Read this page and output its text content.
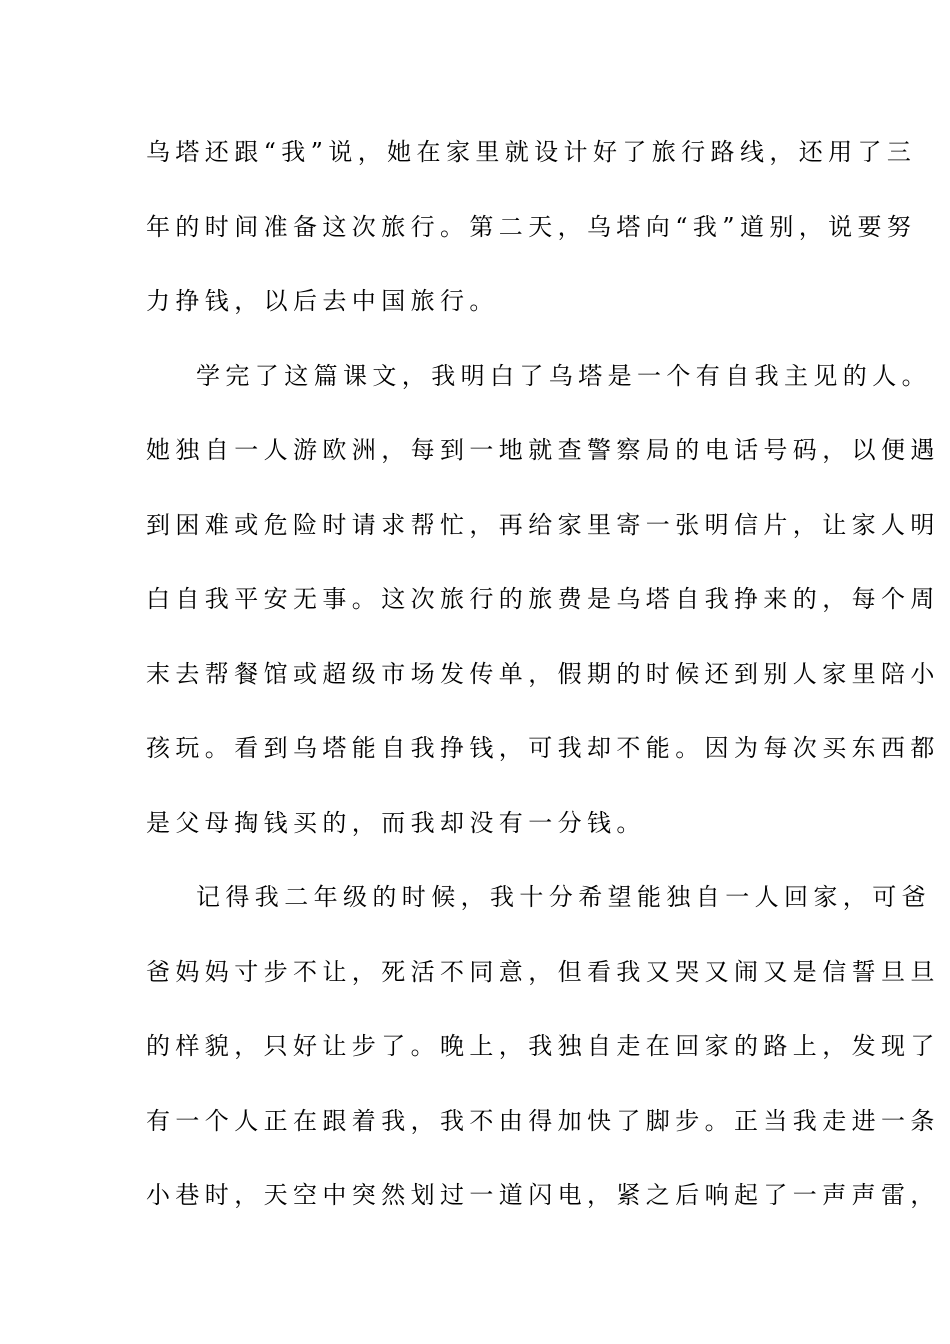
乌塔还跟“我”说，她在家里就设计好了旅行路线，还用了三
年的时间准备这次旅行。第二天，乌塔向“我”道别，说要努
力挣钱，以后去中国旅行。
学完了这篇课文，我明白了乌塔是一个有自我主见的人。
她独自一人游欧洲，每到一地就查警察局的电话号码，以便遇
到困难或危险时请求帮忙，再给家里寄一张明信片，让家人明
白自我平安无事。这次旅行的旅费是乌塔自我挣来的，每个周
末去帮餐馆或超级市场发传单，假期的时候还到别人家里陪小
孩玩。看到乌塔能自我挣钱，可我却不能。因为每次买东西都
是父母掏钱买的，而我却没有一分钱。
记得我二年级的时候，我十分希望能独自一人回家，可爸
爸妈妈寸步不让，死活不同意，但看我又哭又闹又是信誓旦旦
的样貌，只好让步了。晚上，我独自走在回家的路上，发现了
有一个人正在跟着我，我不由得加快了脚步。正当我走进一条
小巷时，天空中突然划过一道闪电，紧之后响起了一声声雷，
